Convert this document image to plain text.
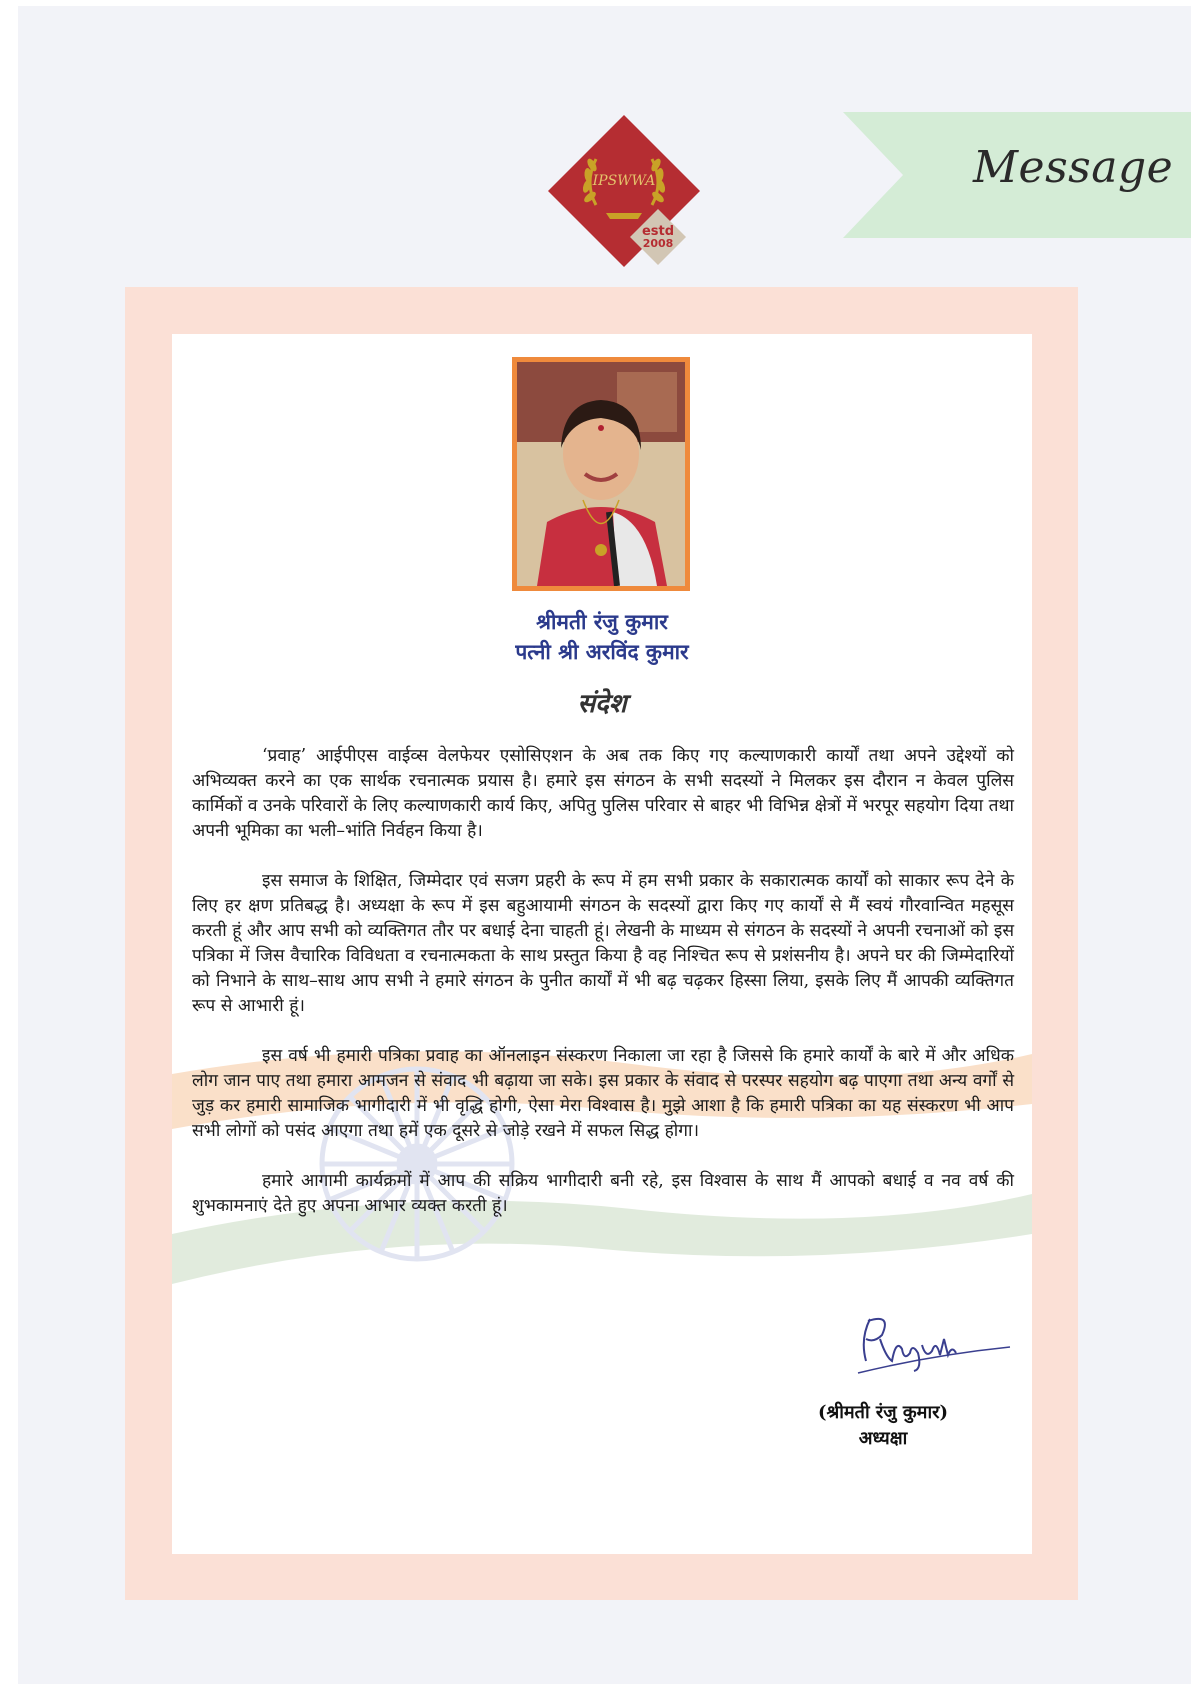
IPSWWA
estd
2008
Message
श्रीमती रंजु कुमार
पत्नी श्री अरविंद कुमार
संदेश

‘प्रवाह’ आईपीएस वाईव्स वेलफेयर एसोसिएशन के अब तक किए गए कल्याणकारी कार्यों तथा अपने उद्देश्यों को अभिव्यक्त करने का एक सार्थक रचनात्मक प्रयास है। हमारे इस संगठन के सभी सदस्यों ने मिलकर इस दौरान न केवल पुलिस कार्मिकों व उनके परिवारों के लिए कल्याणकारी कार्य किए, अपितु पुलिस परिवार से बाहर भी विभिन्न क्षेत्रों में भरपूर सहयोग दिया तथा अपनी भूमिका का भली–भांति निर्वहन किया है।

इस समाज के शिक्षित, जिम्मेदार एवं सजग प्रहरी के रूप में हम सभी प्रकार के सकारात्मक कार्यों को साकार रूप देने के लिए हर क्षण प्रतिबद्ध है। अध्यक्षा के रूप में इस बहुआयामी संगठन के सदस्यों द्वारा किए गए कार्यों से मैं स्वयं गौरवान्वित महसूस करती हूं और आप सभी को व्यक्तिगत तौर पर बधाई देना चाहती हूं। लेखनी के माध्यम से संगठन के सदस्यों ने अपनी रचनाओं को इस पत्रिका में जिस वैचारिक विविधता व रचनात्मकता के साथ प्रस्तुत किया है वह निश्चित रूप से प्रशंसनीय है। अपने घर की जिम्मेदारियों को निभाने के साथ–साथ आप सभी ने हमारे संगठन के पुनीत कार्यों में भी बढ़ चढ़कर हिस्सा लिया, इसके लिए मैं आपकी व्यक्तिगत रूप से आभारी हूं।

इस वर्ष भी हमारी पत्रिका प्रवाह का ऑनलाइन संस्करण निकाला जा रहा है जिससे कि हमारे कार्यों के बारे में और अधिक लोग जान पाए तथा हमारा आमजन से संवाद भी बढ़ाया जा सके। इस प्रकार के संवाद से परस्पर सहयोग बढ़ पाएगा तथा अन्य वर्गों से जुड़ कर हमारी सामाजिक भागीदारी में भी वृद्धि होगी, ऐसा मेरा विश्वास है। मुझे आशा है कि हमारी पत्रिका का यह संस्करण भी आप सभी लोगों को पसंद आएगा तथा हमें एक दूसरे से जोड़े रखने में सफल सिद्ध होगा।

हमारे आगामी कार्यक्रमों में आप की सक्रिय भागीदारी बनी रहे, इस विश्वास के साथ मैं आपको बधाई व नव वर्ष की शुभकामनाएं देते हुए अपना आभार व्यक्त करती हूं।

(श्रीमती रंजु कुमार)
अध्यक्षा
